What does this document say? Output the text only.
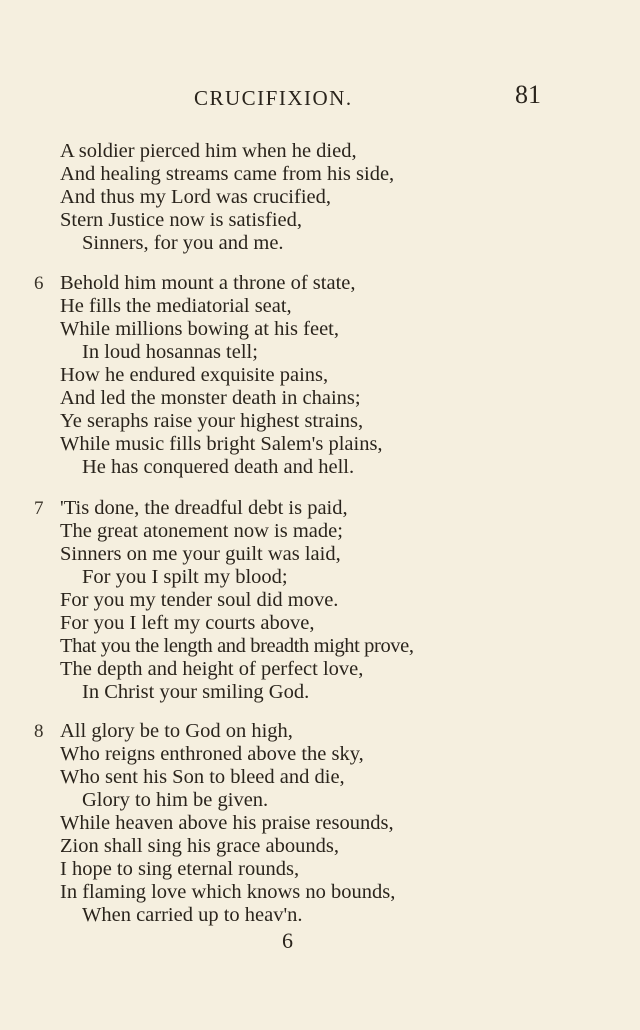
CRUCIFIXION.	81
A soldier pierced him when he died,
And healing streams came from his side,
And thus my Lord was crucified,
Stern Justice now is satisfied,
Sinners, for you and me.
6 Behold him mount a throne of state,
He fills the mediatorial seat,
While millions bowing at his feet,
In loud hosannas tell;
How he endured exquisite pains,
And led the monster death in chains;
Ye seraphs raise your highest strains,
While music fills bright Salem's plains,
He has conquered death and hell.
7 'Tis done, the dreadful debt is paid,
The great atonement now is made;
Sinners on me your guilt was laid,
For you I spilt my blood;
For you my tender soul did move.
For you I left my courts above,
That you the length and breadth might prove,
The depth and height of perfect love,
In Christ your smiling God.
8 All glory be to God on high,
Who reigns enthroned above the sky,
Who sent his Son to bleed and die,
Glory to him be given.
While heaven above his praise resounds,
Zion shall sing his grace abounds,
I hope to sing eternal rounds,
In flaming love which knows no bounds,
When carried up to heav'n.
6
